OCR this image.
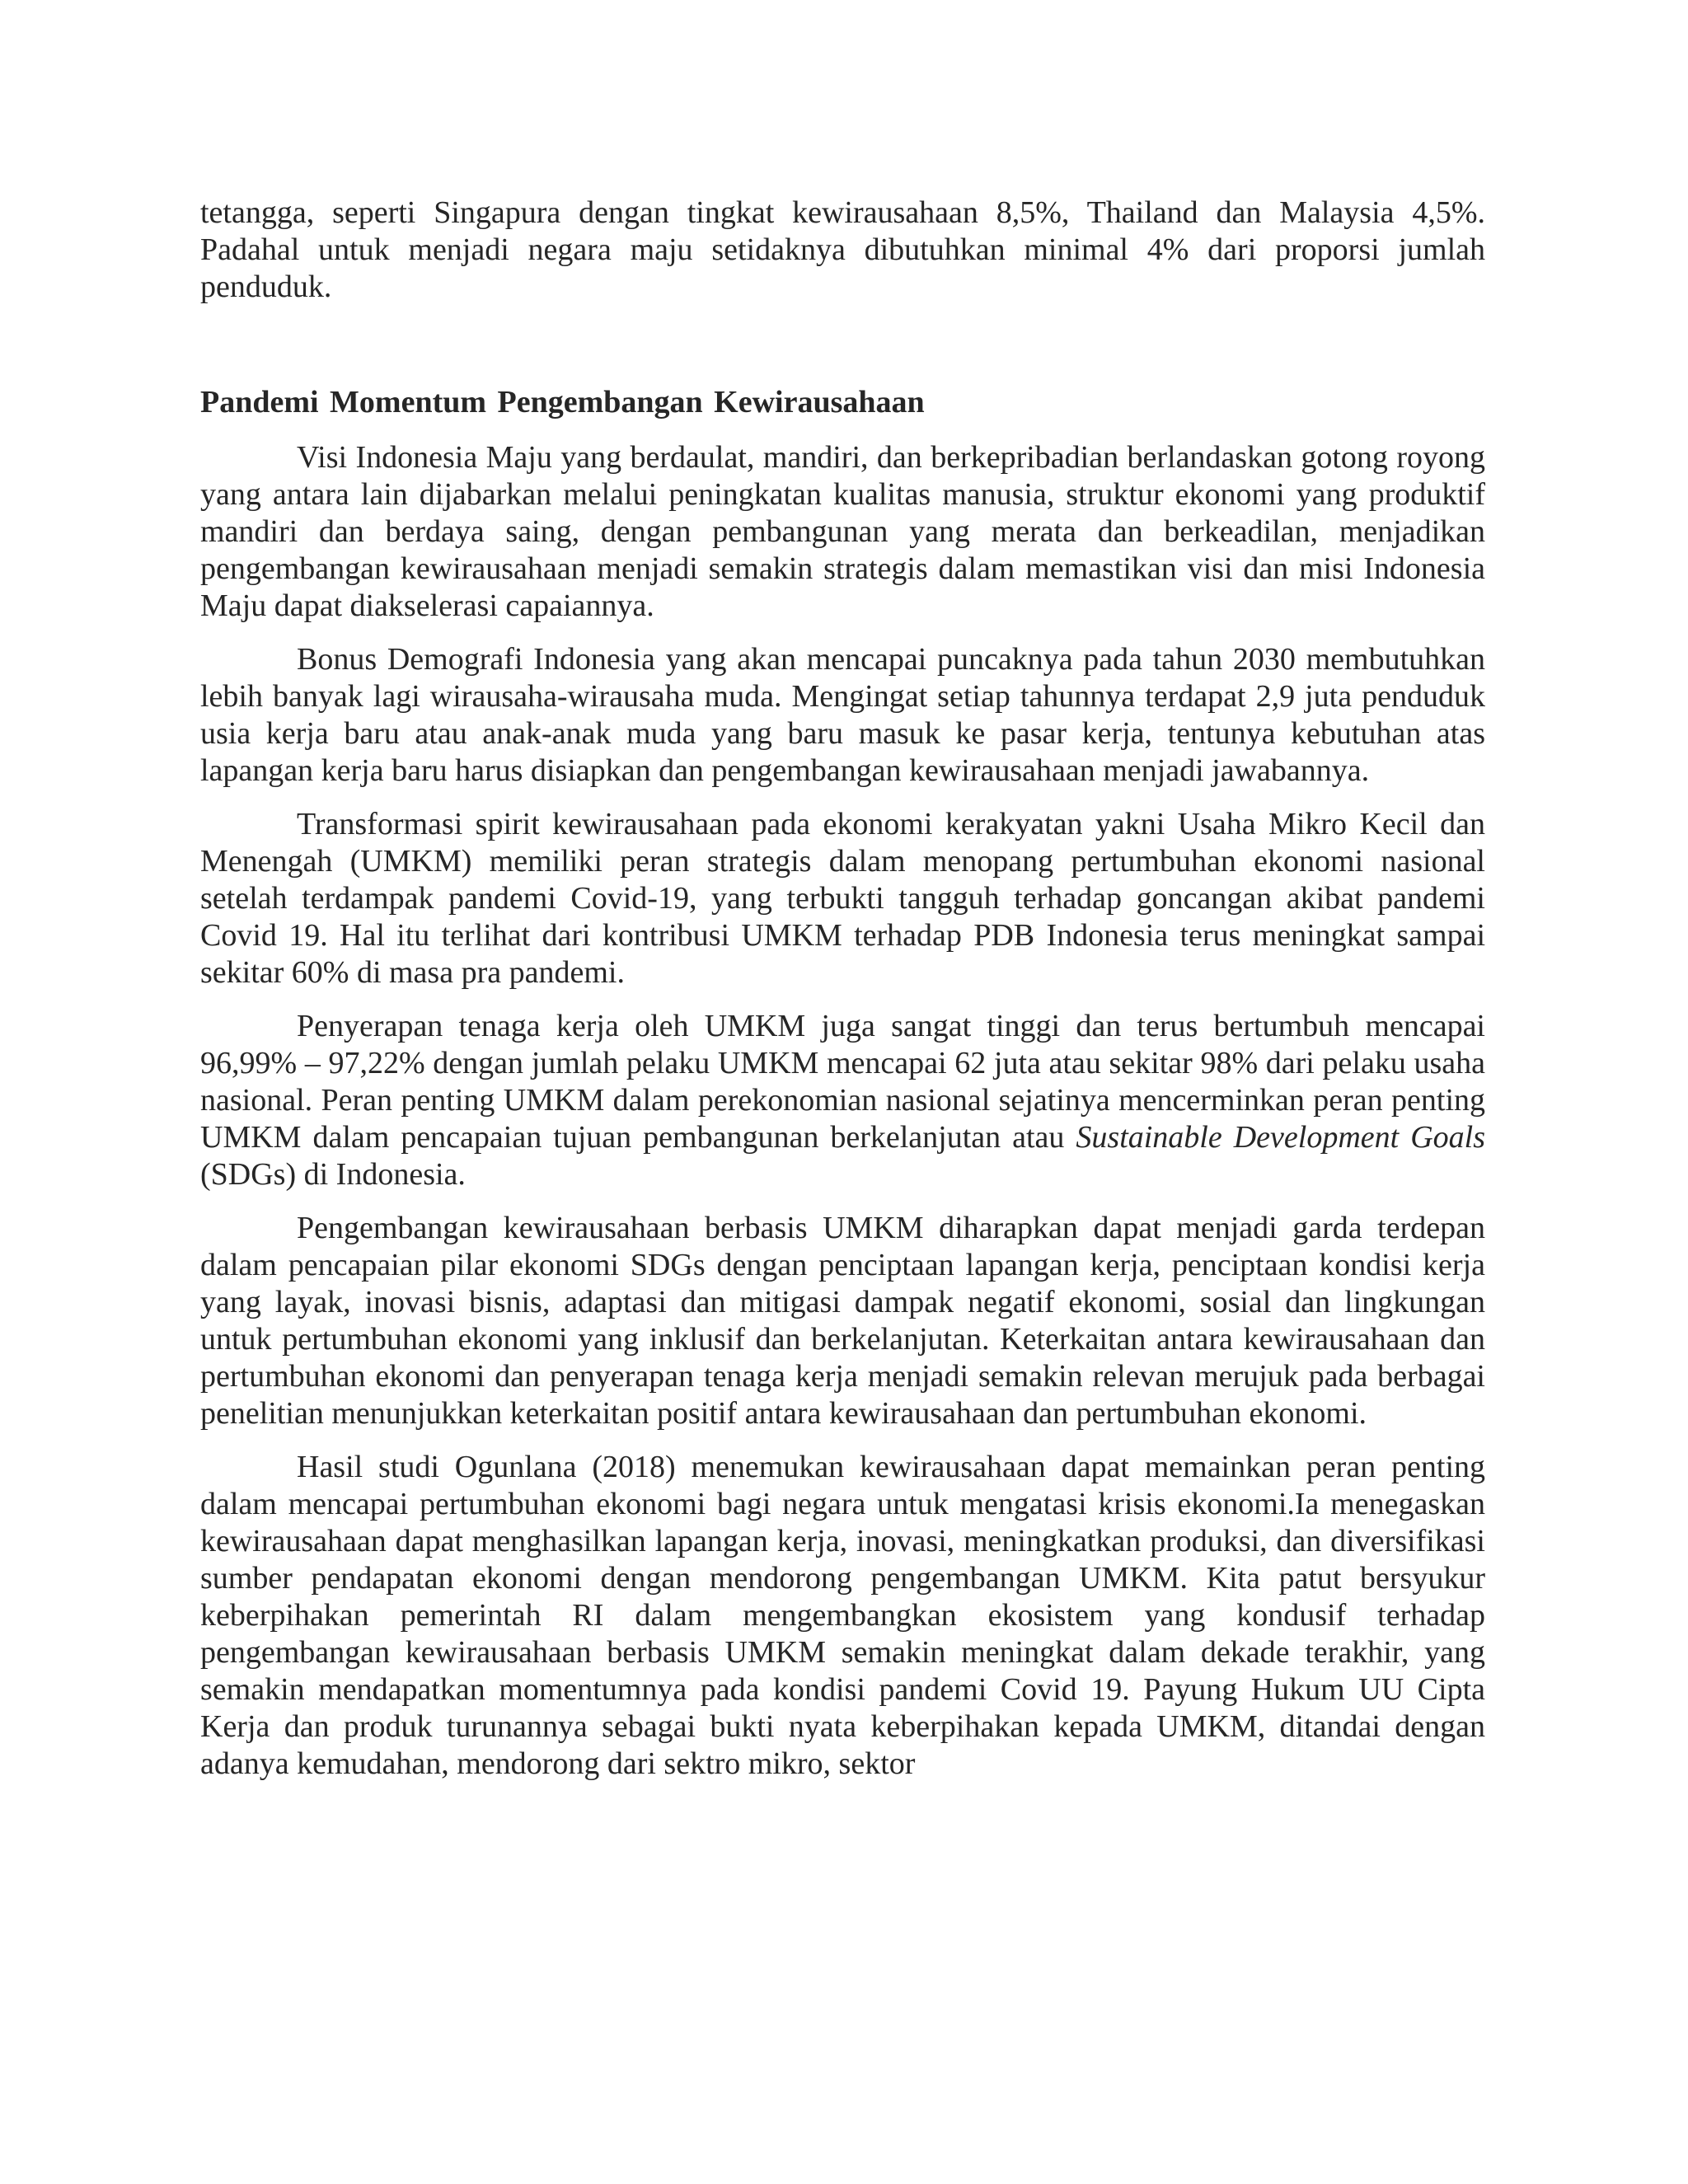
tetangga, seperti Singapura dengan tingkat kewirausahaan 8,5%, Thailand dan Malaysia 4,5%. Padahal untuk menjadi negara maju setidaknya dibutuhkan minimal 4% dari proporsi jumlah penduduk.

Pandemi Momentum Pengembangan Kewirausahaan

Visi Indonesia Maju yang berdaulat, mandiri, dan berkepribadian berlandaskan gotong royong yang antara lain dijabarkan melalui peningkatan kualitas manusia, struktur ekonomi yang produktif mandiri dan berdaya saing, dengan pembangunan yang merata dan berkeadilan, menjadikan pengembangan kewirausahaan menjadi semakin strategis dalam memastikan visi dan misi Indonesia Maju dapat diakselerasi capaiannya.

Bonus Demografi Indonesia yang akan mencapai puncaknya pada tahun 2030 membutuhkan lebih banyak lagi wirausaha-wirausaha muda. Mengingat setiap tahunnya terdapat 2,9 juta penduduk usia kerja baru atau anak-anak muda yang baru masuk ke pasar kerja, tentunya kebutuhan atas lapangan kerja baru harus disiapkan dan pengembangan kewirausahaan menjadi jawabannya.

Transformasi spirit kewirausahaan pada ekonomi kerakyatan yakni Usaha Mikro Kecil dan Menengah (UMKM) memiliki peran strategis dalam menopang pertumbuhan ekonomi nasional setelah terdampak pandemi Covid-19, yang terbukti tangguh terhadap goncangan akibat pandemi Covid 19. Hal itu terlihat dari kontribusi UMKM terhadap PDB Indonesia terus meningkat sampai sekitar 60% di masa pra pandemi.

Penyerapan tenaga kerja oleh UMKM juga sangat tinggi dan terus bertumbuh mencapai 96,99% – 97,22% dengan jumlah pelaku UMKM mencapai 62 juta atau sekitar 98% dari pelaku usaha nasional. Peran penting UMKM dalam perekonomian nasional sejatinya mencerminkan peran penting UMKM dalam pencapaian tujuan pembangunan berkelanjutan atau Sustainable Development Goals (SDGs) di Indonesia.

Pengembangan kewirausahaan berbasis UMKM diharapkan dapat menjadi garda terdepan dalam pencapaian pilar ekonomi SDGs dengan penciptaan lapangan kerja, penciptaan kondisi kerja yang layak, inovasi bisnis, adaptasi dan mitigasi dampak negatif ekonomi, sosial dan lingkungan untuk pertumbuhan ekonomi yang inklusif dan berkelanjutan. Keterkaitan antara kewirausahaan dan pertumbuhan ekonomi dan penyerapan tenaga kerja menjadi semakin relevan merujuk pada berbagai penelitian menunjukkan keterkaitan positif antara kewirausahaan dan pertumbuhan ekonomi.

Hasil studi Ogunlana (2018) menemukan kewirausahaan dapat memainkan peran penting dalam mencapai pertumbuhan ekonomi bagi negara untuk mengatasi krisis ekonomi.Ia menegaskan kewirausahaan dapat menghasilkan lapangan kerja, inovasi, meningkatkan produksi, dan diversifikasi sumber pendapatan ekonomi dengan mendorong pengembangan UMKM. Kita patut bersyukur keberpihakan pemerintah RI dalam mengembangkan ekosistem yang kondusif terhadap pengembangan kewirausahaan berbasis UMKM semakin meningkat dalam dekade terakhir, yang semakin mendapatkan momentumnya pada kondisi pandemi Covid 19. Payung Hukum UU Cipta Kerja dan produk turunannya sebagai bukti nyata keberpihakan kepada UMKM, ditandai dengan adanya kemudahan, mendorong dari sektro mikro, sektor
